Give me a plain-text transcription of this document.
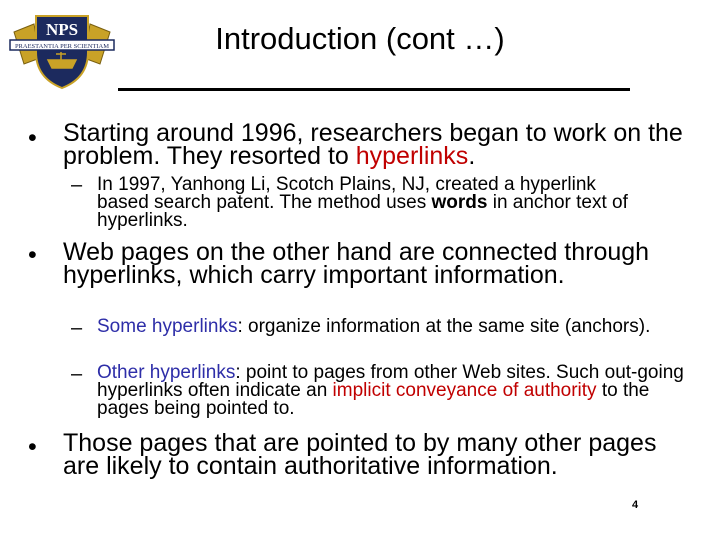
NPS
PRAESTANTIA PER SCIENTIAM	Introduction (cont …)
• Starting around 1996, researchers began to work on the problem. They resorted to hyperlinks.
– In 1997, Yanhong Li, Scotch Plains, NJ, created a hyperlink based search patent. The method uses words in anchor text of hyperlinks.
• Web pages on the other hand are connected through hyperlinks, which carry important information.
– Some hyperlinks: organize information at the same site (anchors).
– Other hyperlinks: point to pages from other Web sites. Such out-going hyperlinks often indicate an implicit conveyance of authority to the pages being pointed to.
• Those pages that are pointed to by many other pages are likely to contain authoritative information.
4
